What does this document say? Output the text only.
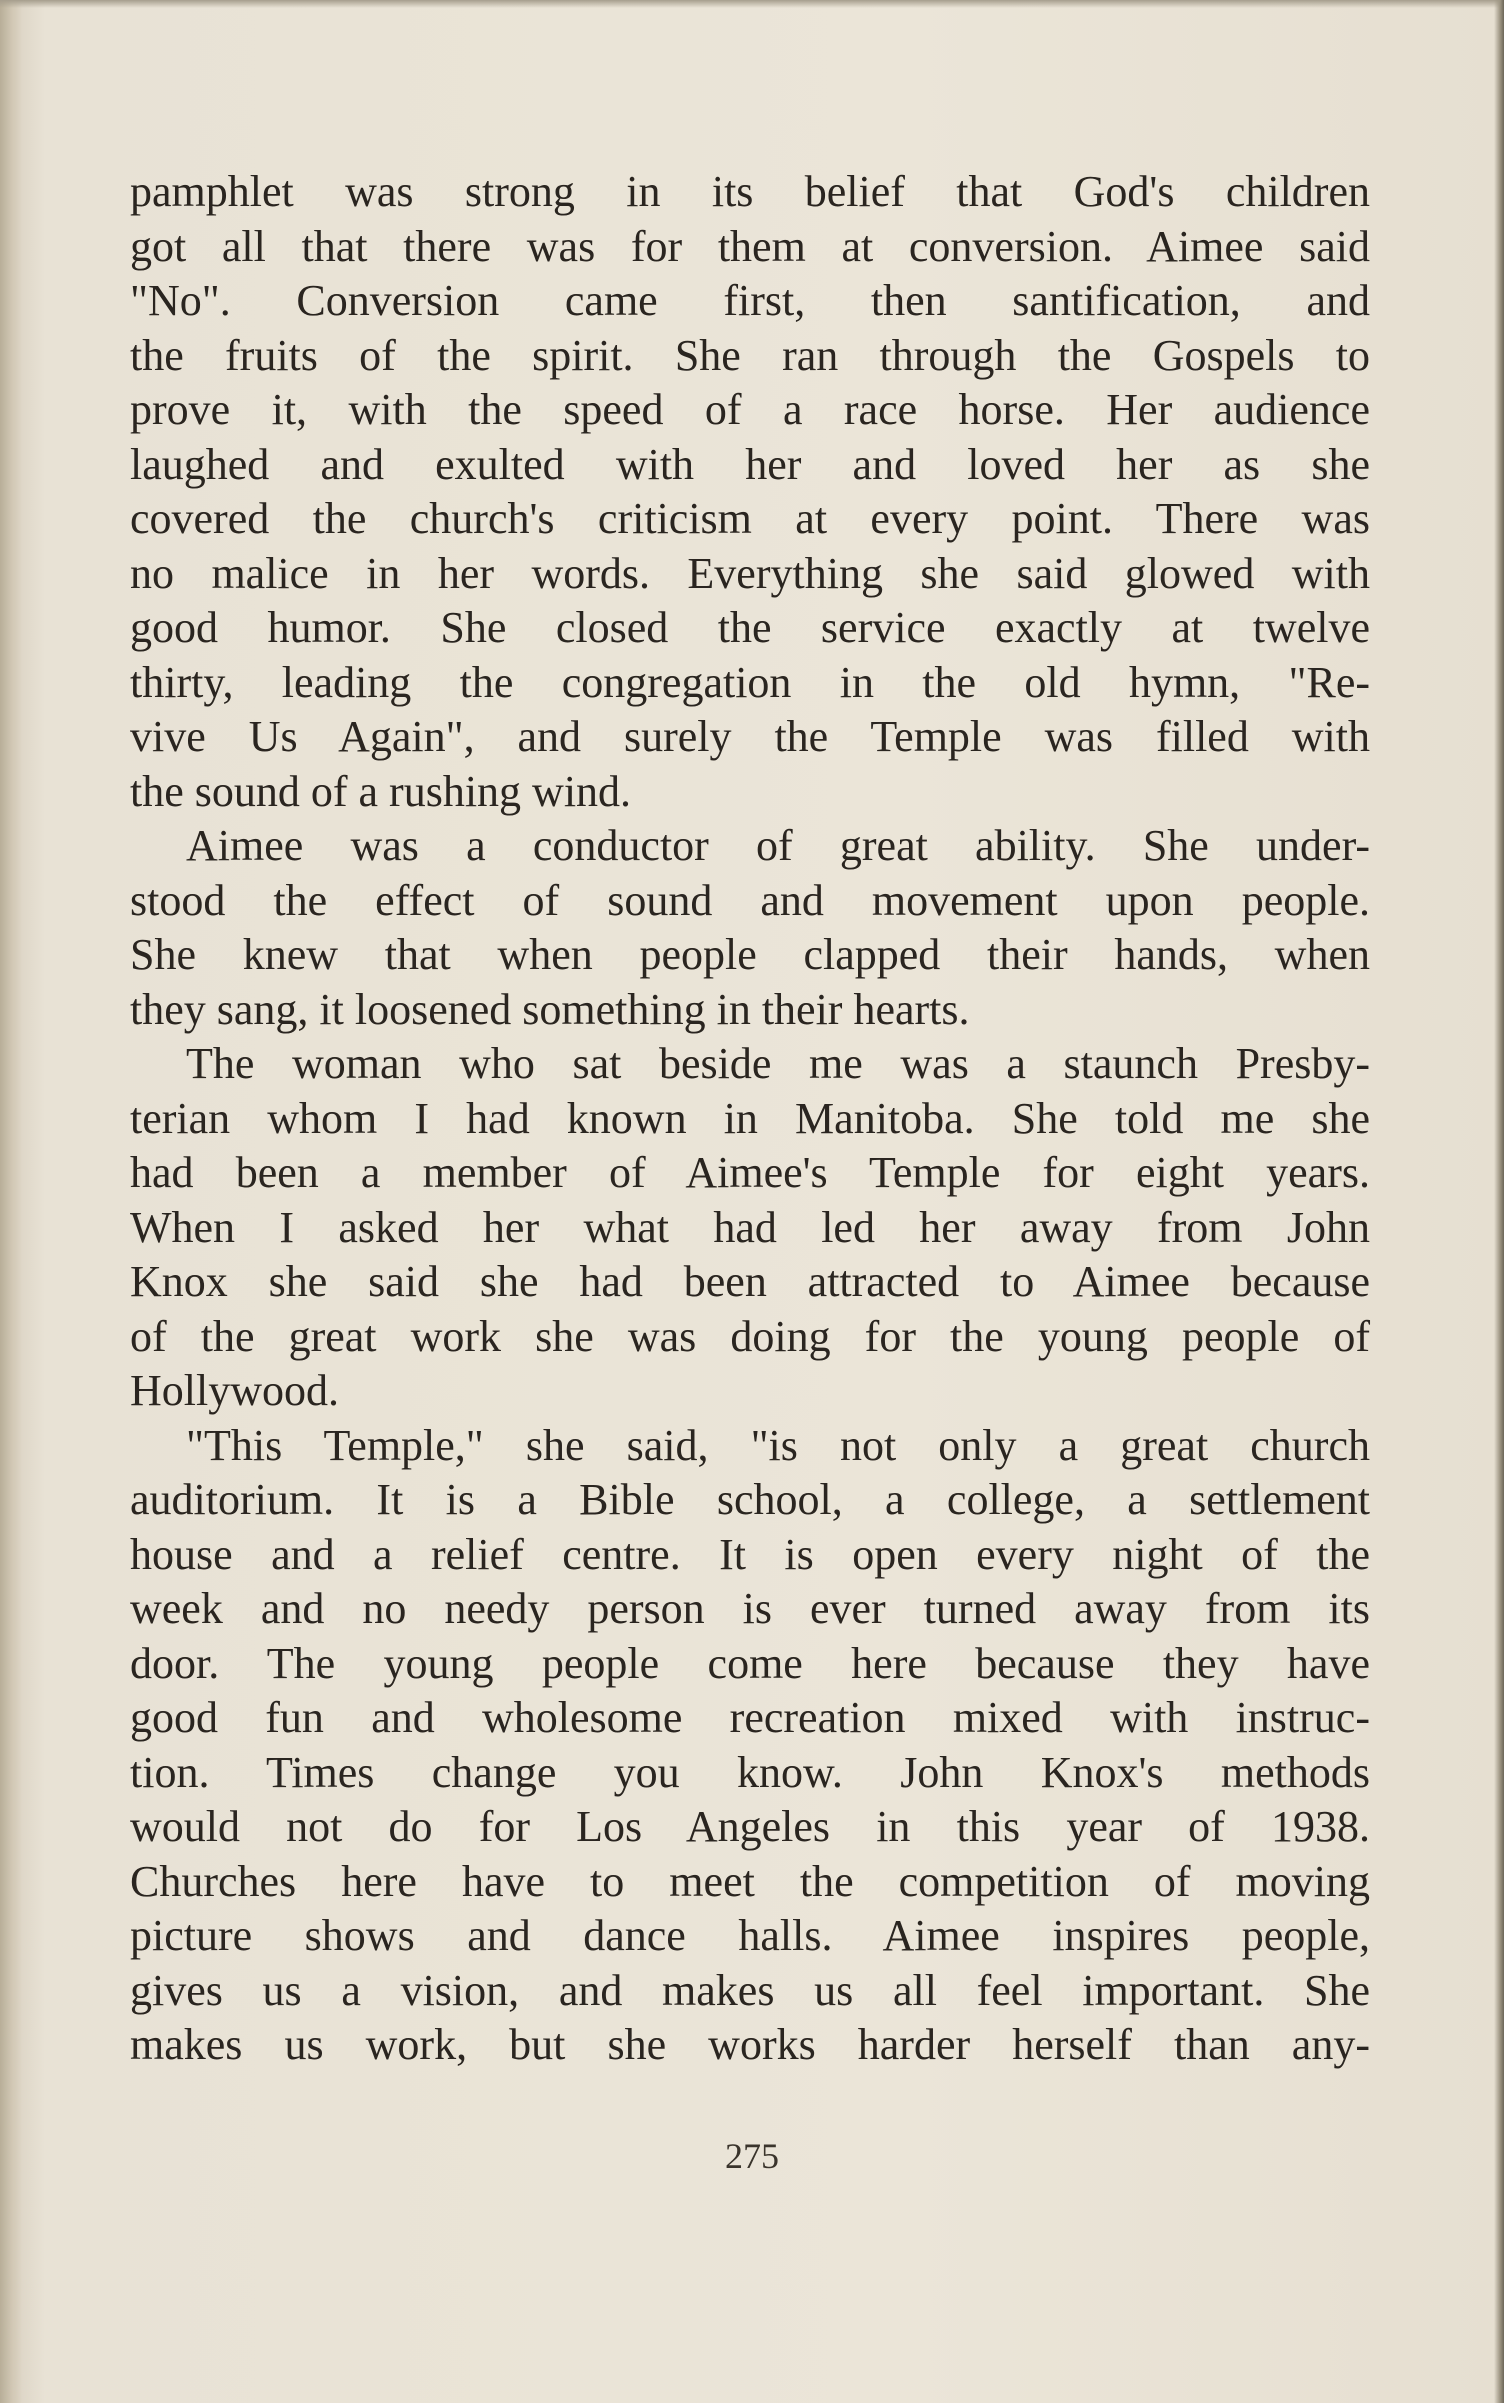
pamphlet was strong in its belief that God's children
got all that there was for them at conversion. Aimee said
"No". Conversion came first, then santification, and
the fruits of the spirit. She ran through the Gospels to
prove it, with the speed of a race horse. Her audience
laughed and exulted with her and loved her as she
covered the church's criticism at every point. There was
no malice in her words. Everything she said glowed with
good humor. She closed the service exactly at twelve
thirty, leading the congregation in the old hymn, "Re-
vive Us Again", and surely the Temple was filled with
the sound of a rushing wind.
Aimee was a conductor of great ability. She under-
stood the effect of sound and movement upon people.
She knew that when people clapped their hands, when
they sang, it loosened something in their hearts.
The woman who sat beside me was a staunch Presby-
terian whom I had known in Manitoba. She told me she
had been a member of Aimee's Temple for eight years.
When I asked her what had led her away from John
Knox she said she had been attracted to Aimee because
of the great work she was doing for the young people of
Hollywood.
"This Temple," she said, "is not only a great church
auditorium. It is a Bible school, a college, a settlement
house and a relief centre. It is open every night of the
week and no needy person is ever turned away from its
door. The young people come here because they have
good fun and wholesome recreation mixed with instruc-
tion. Times change you know. John Knox's methods
would not do for Los Angeles in this year of 1938.
Churches here have to meet the competition of moving
picture shows and dance halls. Aimee inspires people,
gives us a vision, and makes us all feel important. She
makes us work, but she works harder herself than any-
275
